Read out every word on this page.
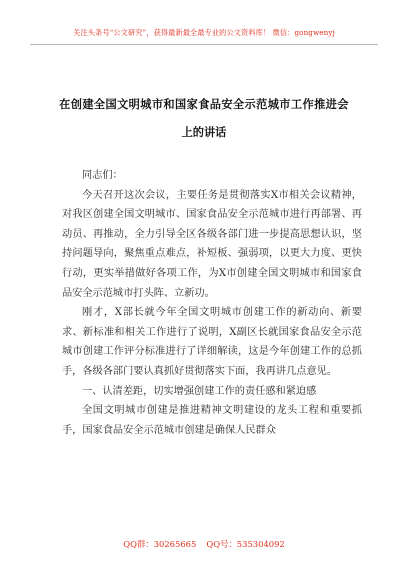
关注头条号“公文研究”，获得最新最全最专业的公文资料库！ 微信：gongwenyj
在创建全国文明城市和国家食品安全示范城市工作推进会
上的讲话

同志们：

今天召开这次会议，主要任务是贯彻落实X市相关会议精神，对我区创建全国文明城市、国家食品安全示范城市进行再部署、再动员、再推动，全力引导全区各级各部门进一步提高思想认识，坚持问题导向，聚焦重点难点，补短板、强弱项，以更大力度、更快行动，更实举措做好各项工作，为X市创建全国文明城市和国家食品安全示范城市打头阵、立新功。

刚才，X部长就今年全国文明城市创建工作的新动向、新要求、新标准和相关工作进行了说明，X副区长就国家食品安全示范城市创建工作评分标准进行了详细解读，这是今年创建工作的总抓手，各级各部门要认真抓好贯彻落实下面，我再讲几点意见。

一、认清差距，切实增强创建工作的责任感和紧迫感

全国文明城市创建是推进精神文明建设的龙头工程和重要抓手，国家食品安全示范城市创建是确保人民群众

QQ群：30265665 QQ号：535304092
